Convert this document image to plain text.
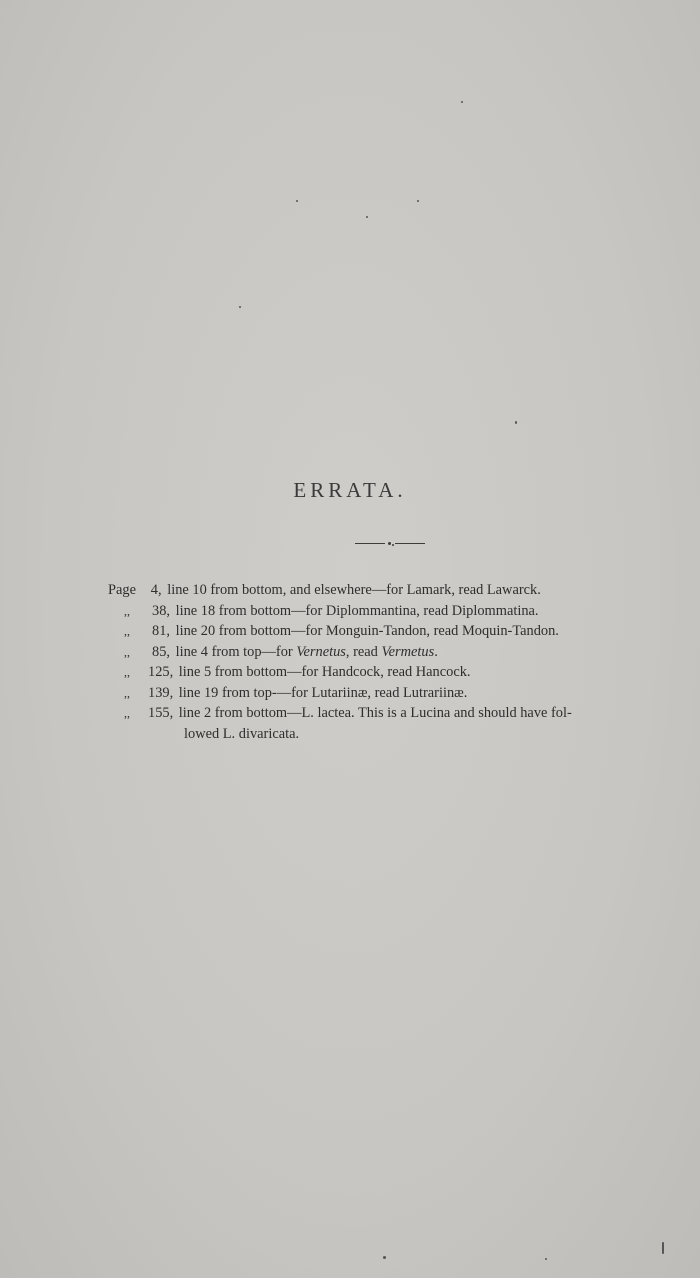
ERRATA.
Page 4, line 10 from bottom, and elsewhere—for Lamark, read Lawarck.
,,	38, line 18 from bottom—for Diplommantina, read Diplommatina.
,,	81, line 20 from bottom—for Monguin-Tandon, read Moquin-Tandon.
,,	85, line 4 from top—for Vernetus, read Vermetus.
,,	125, line 5 from bottom—for Handcock, read Hancock.
,,	139, line 19 from top-—for Lutariinæ, read Lutrariinæ.
,,	155, line 2 from bottom—L. lactea. This is a Lucina and should have fol-
lowed L. divaricata.
